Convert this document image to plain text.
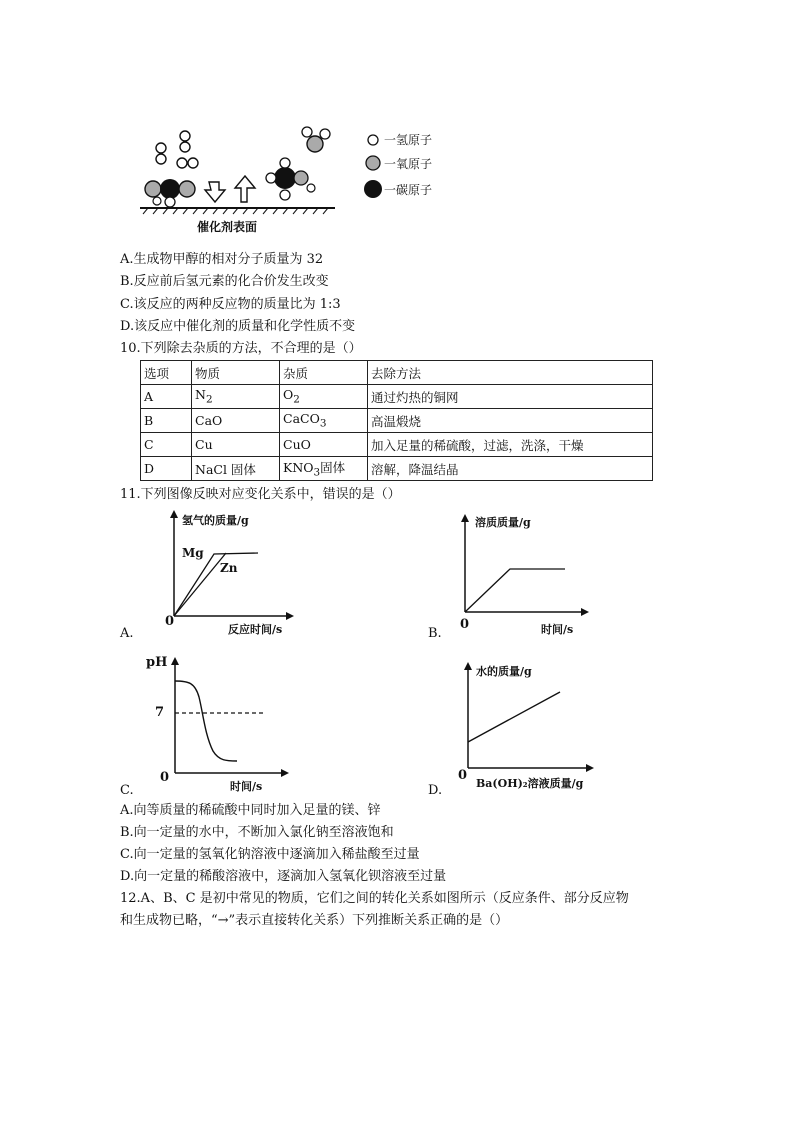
一氢原子
一氧原子
一碳原子
催化剂表面
A.生成物甲醇的相对分子质量为 32
B.反应前后氢元素的化合价发生改变
C.该反应的两种反应物的质量比为 1:3
D.该反应中催化剂的质量和化学性质不变
10.下列除去杂质的方法，不合理的是（）
选项	物质	杂质	去除方法
A	$N_2$	$O_2$	通过灼热的铜网
B	CaO	CaCO$_3$	高温煅烧
C	Cu	CuO	加入足量的稀硫酸，过滤，洗涤，干燥
D	NaCl 固体	$KNO_3$固体	溶解，降温结晶
11.下列图像反映对应变化关系中，错误的是（）
氢气的质量/g
Mg
Zn
0
反应时间/s
A.
溶质质量/g
0	时间/s
B.
pH
7
0
时间/s
C.
水的质量/g
0
Ba(OH)₂溶液质量/g
D.
A.向等质量的稀硫酸中同时加入足量的镁、锌
B.向一定量的水中，不断加入氯化钠至溶液饱和
C.向一定量的氢氧化钠溶液中逐滴加入稀盐酸至过量
D.向一定量的稀酸溶液中，逐滴加入氢氧化钡溶液至过量
12.A、B、C 是初中常见的物质，它们之间的转化关系如图所示（反应条件、部分反应物
和生成物已略，“→”表示直接转化关系）下列推断关系正确的是（）
